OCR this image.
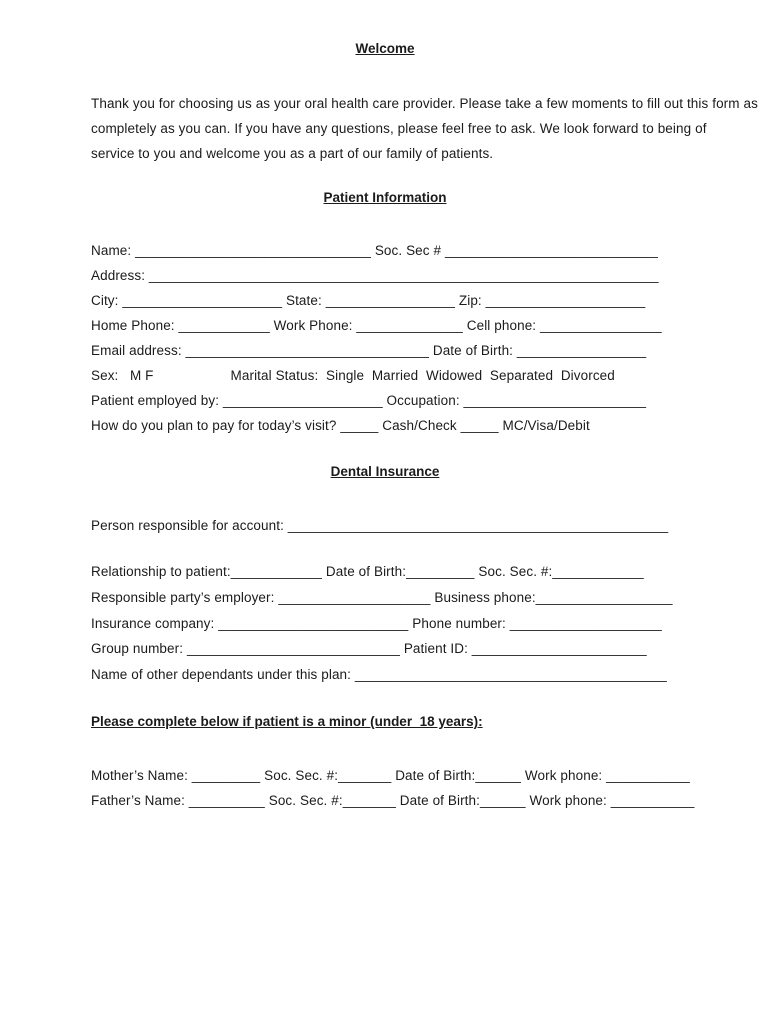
Welcome
Thank you for choosing us as your oral health care provider. Please take a few moments to fill out this form as
completely as you can. If you have any questions, please feel free to ask. We look forward to being of
service to you and welcome you as a part of our family of patients.
Patient Information
Name: _______________________________ Soc. Sec # ____________________________
Address: ___________________________________________________________________
City: _____________________ State: _________________ Zip: _____________________
Home Phone: ____________ Work Phone: ______________ Cell phone: ________________
Email address: ________________________________ Date of Birth: _________________
Sex:   M F                    Marital Status:  Single  Married  Widowed  Separated  Divorced
Patient employed by: _____________________ Occupation: ________________________
How do you plan to pay for today’s visit? _____ Cash/Check _____ MC/Visa/Debit
Dental Insurance
Person responsible for account: __________________________________________________
Relationship to patient:____________ Date of Birth:_________ Soc. Sec. #:____________
Responsible party’s employer: ____________________ Business phone:__________________
Insurance company: _________________________ Phone number: ____________________
Group number: ____________________________ Patient ID: _______________________
Name of other dependants under this plan: _________________________________________
Please complete below if patient is a minor (under  18 years):
Mother’s Name: _________ Soc. Sec. #:_______ Date of Birth:______ Work phone: ___________
Father’s Name: __________ Soc. Sec. #:_______ Date of Birth:______ Work phone: ___________
